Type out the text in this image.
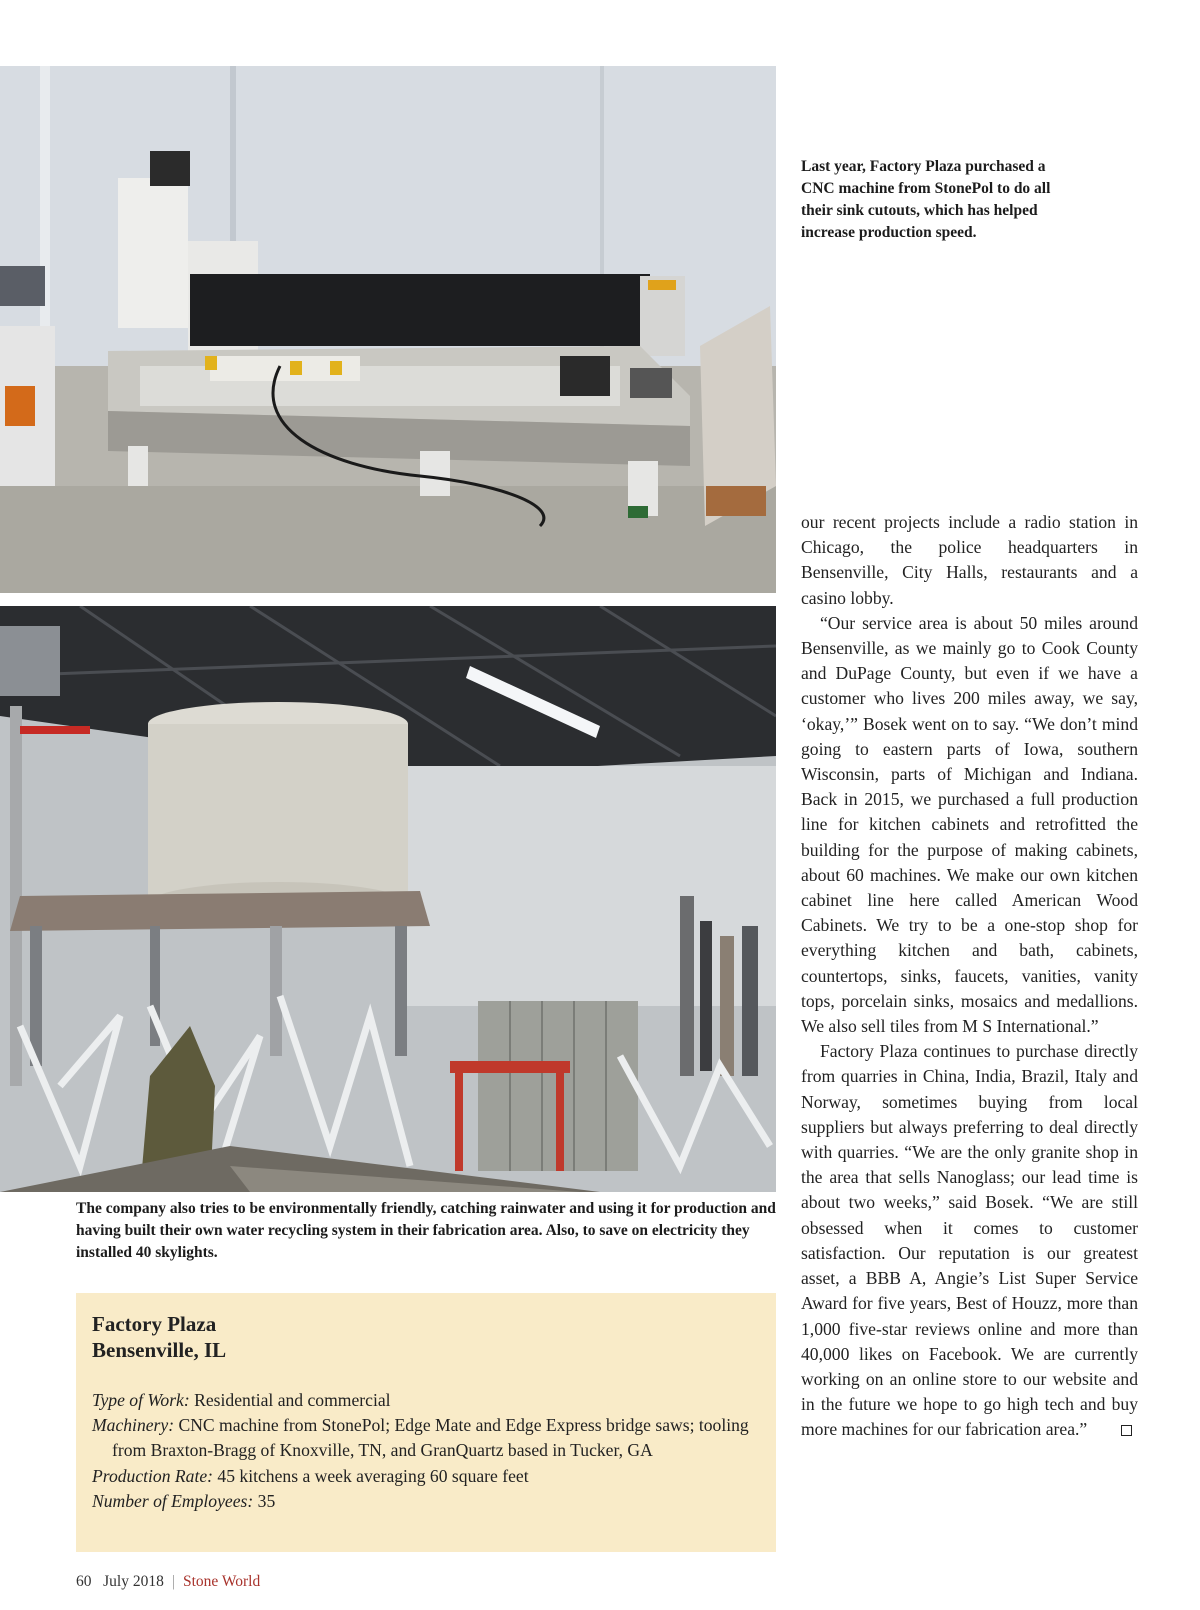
Last year, Factory Plaza purchased a CNC machine from StonePol to do all their sink cutouts, which has helped increase production speed.
The company also tries to be environmentally friendly, catching rainwater and using it for production and having built their own water recycling system in their fabrication area. Also, to save on electricity they installed 40 skylights.

our recent projects include a radio station in Chicago, the police headquarters in Bensenville, City Halls, restaurants and a casino lobby.

“Our service area is about 50 miles around Bensenville, as we mainly go to Cook County and DuPage County, but even if we have a customer who lives 200 miles away, we say, ‘okay,’” Bosek went on to say. “We don’t mind going to eastern parts of Iowa, southern Wisconsin, parts of Michigan and Indiana. Back in 2015, we purchased a full production line for kitchen cabinets and retrofitted the building for the purpose of making cabinets, about 60 machines. We make our own kitchen cabinet line here called American Wood Cabinets. We try to be a one-stop shop for everything kitchen and bath, cabinets, countertops, sinks, faucets, vanities, vanity tops, porcelain sinks, mosaics and medallions. We also sell tiles from M S International.”

Factory Plaza continues to purchase directly from quarries in China, India, Brazil, Italy and Norway, sometimes buying from local suppliers but always preferring to deal directly with quarries. “We are the only granite shop in the area that sells Nanoglass; our lead time is about two weeks,” said Bosek. “We are still obsessed when it comes to customer satisfaction. Our reputation is our greatest asset, a BBB A, Angie’s List Super Service Award for five years, Best of Houzz, more than 1,000 five-star reviews online and more than 40,000 likes on Facebook. We are currently working on an online store to our website and in the future we hope to go high tech and buy more machines for our fabrication area.”

Factory Plaza
Bensenville, IL
Type of Work: Residential and commercial
Machinery: CNC machine from StonePol; Edge Mate and Edge Express bridge saws; tooling from Braxton-Bragg of Knoxville, TN, and GranQuartz based in Tucker, GA
Production Rate: 45 kitchens a week averaging 60 square feet
Number of Employees: 35
60 July 2018 | Stone World
